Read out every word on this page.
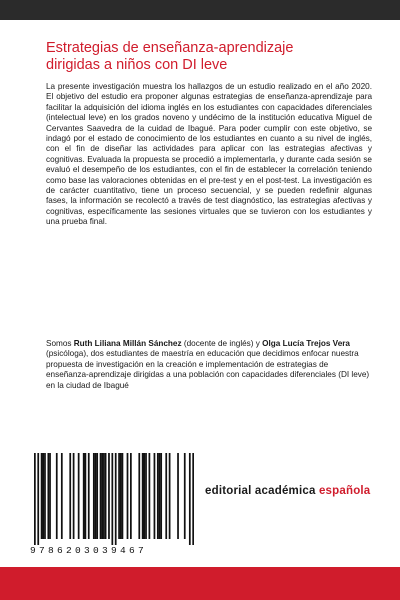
Estrategias de enseñanza-aprendizaje
dirigidas a niños con DI leve

La presente investigación muestra los hallazgos de un estudio realizado en el año 2020. El objetivo del estudio era proponer algunas estrategias de enseñanza-aprendizaje para facilitar la adquisición del idioma inglés en los estudiantes con capacidades diferenciales (intelectual leve) en los grados noveno y undécimo de la institución educativa Miguel de Cervantes Saavedra de la cuidad de Ibagué. Para poder cumplir con este objetivo, se indagó por el estado de conocimiento de los estudiantes en cuanto a su nivel de inglés, con el fin de diseñar las actividades para aplicar con las estrategias afectivas y cognitivas. Evaluada la propuesta se procedió a implementarla, y durante cada sesión se evaluó el desempeño de los estudiantes, con el fin de establecer la correlación teniendo como base las valoraciones obtenidas en el pre-test y en el post-test. La investigación es de carácter cuantitativo, tiene un proceso secuencial, y se pueden redefinir algunas fases, la información se recolectó a través de test diagnóstico, las estrategias afectivas y cognitivas, específicamente las sesiones virtuales que se tuvieron con los estudiantes y una prueba final.

Somos Ruth Liliana Millán Sánchez (docente de inglés) y Olga Lucía Trejos Vera (psicóloga), dos estudiantes de maestría en educación que decidimos enfocar nuestra propuesta de investigación en la creación e implementación de estrategias de enseñanza-aprendizaje dirigidas a una población con capacidades diferenciales (DI leve) en la ciudad de Ibagué

9786203039467
editorial académica española
